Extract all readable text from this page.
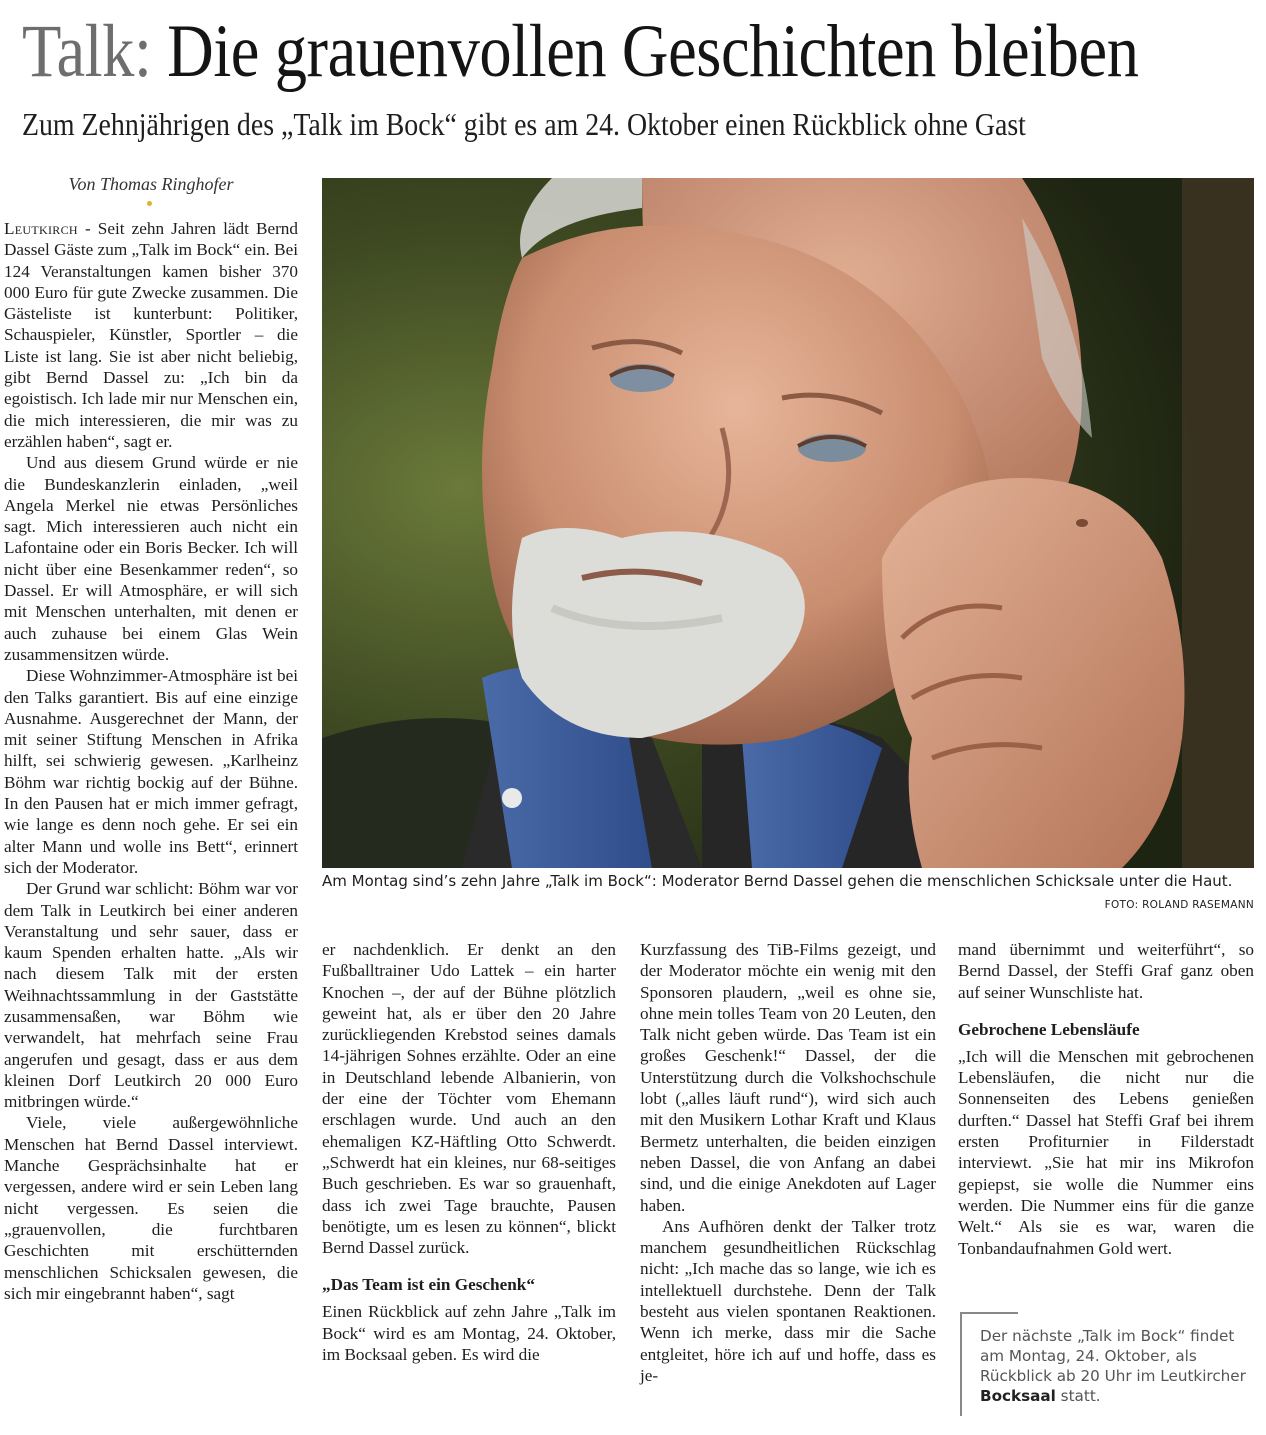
Talk: Die grauenvollen Geschichten bleiben
Zum Zehnjährigen des „Talk im Bock“ gibt es am 24. Oktober einen Rückblick ohne Gast
Von Thomas Ringhofer

Leutkirch - Seit zehn Jahren lädt Bernd Dassel Gäste zum „Talk im Bock“ ein. Bei 124 Veranstaltungen kamen bisher 370 000 Euro für gute Zwecke zusammen. Die Gästeliste ist kunterbunt: Politiker, Schauspieler, Künstler, Sportler – die Liste ist lang. Sie ist aber nicht beliebig, gibt Bernd Dassel zu: „Ich bin da egoistisch. Ich lade mir nur Menschen ein, die mich interessieren, die mir was zu erzählen haben“, sagt er.

Und aus diesem Grund würde er nie die Bundeskanzlerin einladen, „weil Angela Merkel nie etwas Persönliches sagt. Mich interessieren auch nicht ein Lafontaine oder ein Boris Becker. Ich will nicht über eine Besenkammer reden“, so Dassel. Er will Atmosphäre, er will sich mit Menschen unterhalten, mit denen er auch zuhause bei einem Glas Wein zusammensitzen würde.

Diese Wohnzimmer-Atmosphäre ist bei den Talks garantiert. Bis auf eine einzige Ausnahme. Ausgerechnet der Mann, der mit seiner Stiftung Menschen in Afrika hilft, sei schwierig gewesen. „Karlheinz Böhm war richtig bockig auf der Bühne. In den Pausen hat er mich immer gefragt, wie lange es denn noch gehe. Er sei ein alter Mann und wolle ins Bett“, erinnert sich der Moderator.

Der Grund war schlicht: Böhm war vor dem Talk in Leutkirch bei einer anderen Veranstaltung und sehr sauer, dass er kaum Spenden erhalten hatte. „Als wir nach diesem Talk mit der ersten Weihnachtssammlung in der Gaststätte zusammensaßen, war Böhm wie verwandelt, hat mehrfach seine Frau angerufen und gesagt, dass er aus dem kleinen Dorf Leutkirch 20 000 Euro mitbringen würde.“

Viele, viele außergewöhnliche Menschen hat Bernd Dassel interviewt. Manche Gesprächsinhalte hat er vergessen, andere wird er sein Leben lang nicht vergessen. Es seien die „grauenvollen, die furchtbaren Geschichten mit erschütternden menschlichen Schicksalen gewesen, die sich mir eingebrannt haben“, sagt

Am Montag sind’s zehn Jahre „Talk im Bock“: Moderator Bernd Dassel gehen die menschlichen Schicksale unter die Haut.
FOTO: ROLAND RASEMANN

er nachdenklich. Er denkt an den Fußballtrainer Udo Lattek – ein harter Knochen –, der auf der Bühne plötzlich geweint hat, als er über den 20 Jahre zurückliegenden Krebstod seines damals 14-jährigen Sohnes erzählte. Oder an eine in Deutschland lebende Albanierin, von der eine der Töchter vom Ehemann erschlagen wurde. Und auch an den ehemaligen KZ-Häftling Otto Schwerdt. „Schwerdt hat ein kleines, nur 68-seitiges Buch geschrieben. Es war so grauenhaft, dass ich zwei Tage brauchte, Pausen benötigte, um es lesen zu können“, blickt Bernd Dassel zurück.

„Das Team ist ein Geschenk“

Einen Rückblick auf zehn Jahre „Talk im Bock“ wird es am Montag, 24. Oktober, im Bocksaal geben. Es wird die

Kurzfassung des TiB-Films gezeigt, und der Moderator möchte ein wenig mit den Sponsoren plaudern, „weil es ohne sie, ohne mein tolles Team von 20 Leuten, den Talk nicht geben würde. Das Team ist ein großes Geschenk!“ Dassel, der die Unterstützung durch die Volkshochschule lobt („alles läuft rund“), wird sich auch mit den Musikern Lothar Kraft und Klaus Bermetz unterhalten, die beiden einzigen neben Dassel, die von Anfang an dabei sind, und die einige Anekdoten auf Lager haben.

Ans Aufhören denkt der Talker trotz manchem gesundheitlichen Rückschlag nicht: „Ich mache das so lange, wie ich es intellektuell durchstehe. Denn der Talk besteht aus vielen spontanen Reaktionen. Wenn ich merke, dass mir die Sache entgleitet, höre ich auf und hoffe, dass es je-

mand übernimmt und weiterführt“, so Bernd Dassel, der Steffi Graf ganz oben auf seiner Wunschliste hat.

Gebrochene Lebensläufe

„Ich will die Menschen mit gebrochenen Lebensläufen, die nicht nur die Sonnenseiten des Lebens genießen durften.“ Dassel hat Steffi Graf bei ihrem ersten Profiturnier in Filderstadt interviewt. „Sie hat mir ins Mikrofon gepiepst, sie wolle die Nummer eins werden. Die Nummer eins für die ganze Welt.“ Als sie es war, waren die Tonbandaufnahmen Gold wert.

Der nächste „Talk im Bock“ findet am Montag, 24. Oktober, als Rückblick ab 20 Uhr im Leutkircher Bocksaal statt.
